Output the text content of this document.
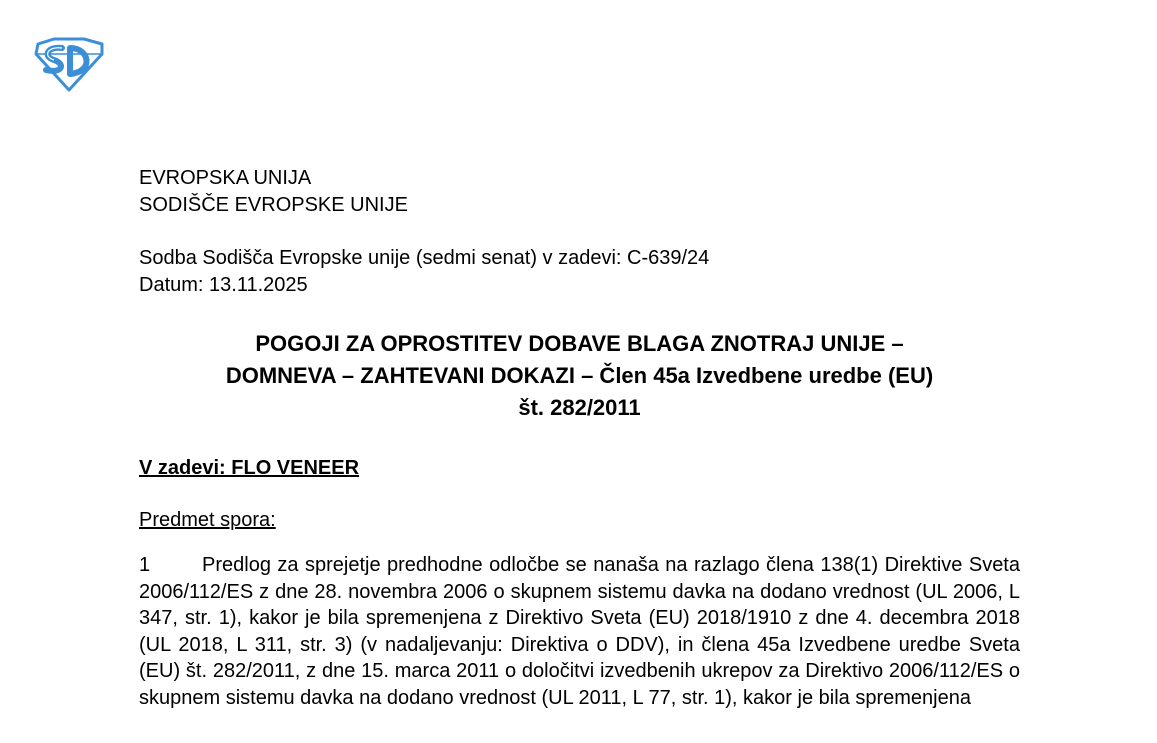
EVROPSKA UNIJA
SODIŠČE EVROPSKE UNIJE
Sodba Sodišča Evropske unije (sedmi senat) v zadevi: C-639/24
Datum: 13.11.2025
POGOJI ZA OPROSTITEV DOBAVE BLAGA ZNOTRAJ UNIJE –
DOMNEVA – ZAHTEVANI DOKAZI – Člen 45a Izvedbene uredbe (EU)
št. 282/2011
V zadevi: FLO VENEER
Predmet spora:
1	Predlog za sprejetje predhodne odločbe se nanaša na razlago člena 138(1) Direktive Sveta 2006/112/ES z dne 28. novembra 2006 o skupnem sistemu davka na dodano vrednost (UL 2006, L 347, str. 1), kakor je bila spremenjena z Direktivo Sveta (EU) 2018/1910 z dne 4. decembra 2018 (UL 2018, L 311, str. 3) (v nadaljevanju: Direktiva o DDV), in člena 45a Izvedbene uredbe Sveta (EU) št. 282/2011, z dne 15. marca 2011 o določitvi izvedbenih ukrepov za Direktivo 2006/112/ES o skupnem sistemu davka na dodano vrednost (UL 2011, L 77, str. 1), kakor je bila spremenjena
